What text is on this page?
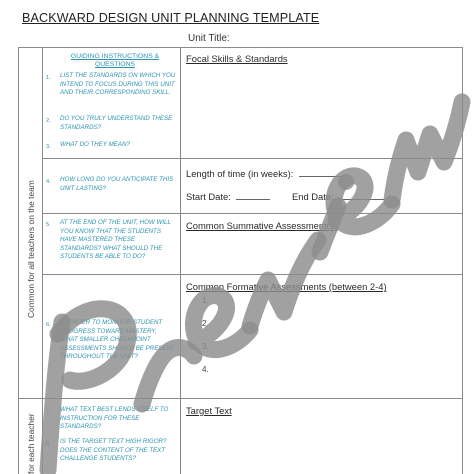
BACKWARD DESIGN UNIT PLANNING TEMPLATE
Unit Title:
Common for all teachers on the team
for each teacher
GUIDING INSTRUCTIONS & QUESTIONS
1. LIST THE STANDARDS ON WHICH YOU INTEND TO FOCUS DURING THIS UNIT AND THEIR CORRESPONDING SKILL.
2. DO YOU TRULY UNDERSTAND THESE STANDARDS?
3. WHAT DO THEY MEAN?
4. HOW LONG DO YOU ANTICIPATE THIS UNIT LASTING?
5. AT THE END OF THE UNIT, HOW WILL YOU KNOW THAT THE STUDENTS HAVE MASTERED THESE STANDARDS? WHAT SHOULD THE STUDENTS BE ABLE TO DO?
6. IN ORDER TO MONITOR STUDENT PROGRESS TOWARD MASTERY, WHAT SMALLER CHECKPOINT ASSESSMENTS SHOULD BE PRESENT THROUGHOUT THE UNIT?
7. WHAT TEXT BEST LENDS ITSELF TO INSTRUCTION FOR THESE STANDARDS?
8. IS THE TARGET TEXT HIGH RIGOR? DOES THE CONTENT OF THE TEXT CHALLENGE STUDENTS?
Focal Skills & Standards
Length of time (in weeks):
Start Date:	End Date:
Common Summative Assessment(s)
Common Formative Assessments (between 2-4)
1.
2.
3.
4.
Target Text
